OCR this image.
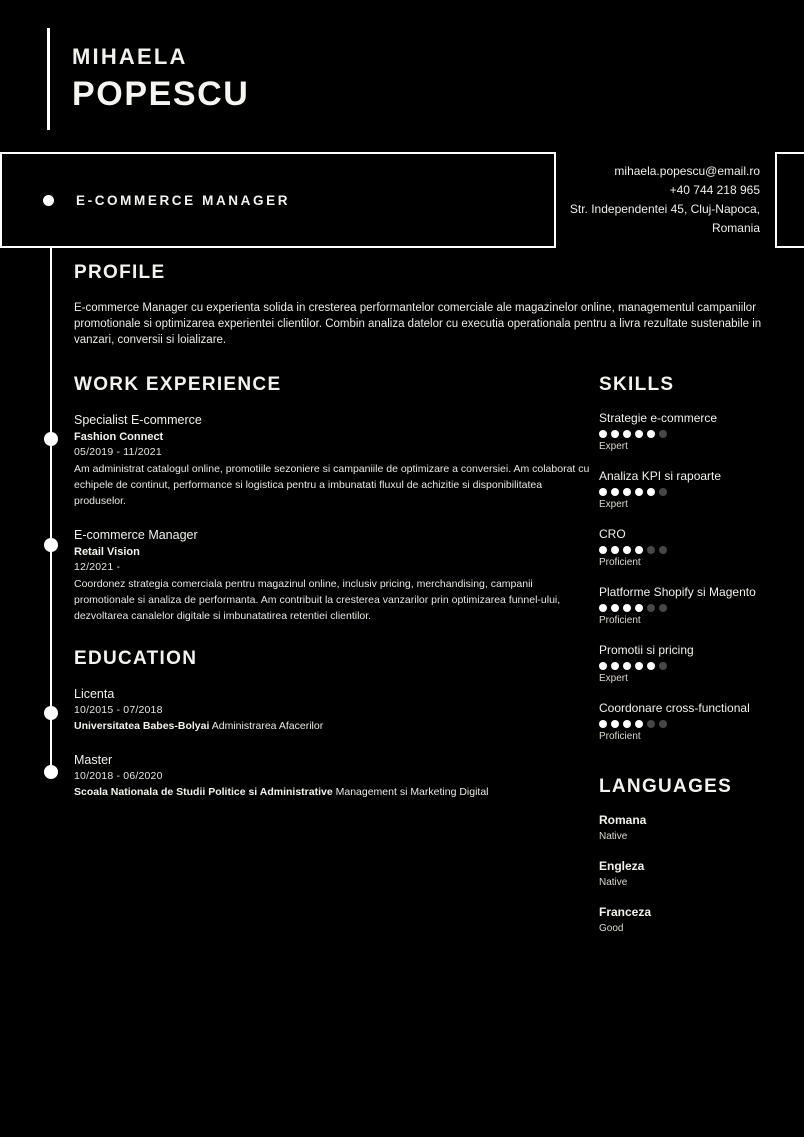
MIHAELA
POPESCU
E-COMMERCE MANAGER
mihaela.popescu@email.ro
+40 744 218 965
Str. Independentei 45, Cluj-Napoca, Romania
PROFILE

E-commerce Manager cu experienta solida in cresterea performantelor comerciale ale magazinelor online, managementul campaniilor promotionale si optimizarea experientei clientilor. Combin analiza datelor cu executia operationala pentru a livra rezultate sustenabile in vanzari, conversii si loializare.

WORK EXPERIENCE
Specialist E-commerce
Fashion Connect
05/2019 - 11/2021
Am administrat catalogul online, promotiile sezoniere si campaniile de optimizare a conversiei. Am colaborat cu echipele de continut, performance si logistica pentru a imbunatati fluxul de achizitie si disponibilitatea produselor.
E-commerce Manager
Retail Vision
12/2021 -
Coordonez strategia comerciala pentru magazinul online, inclusiv pricing, merchandising, campanii promotionale si analiza de performanta. Am contribuit la cresterea vanzarilor prin optimizarea funnel-ului, dezvoltarea canalelor digitale si imbunatatirea retentiei clientilor.
EDUCATION
Licenta
10/2015 - 07/2018
Universitatea Babes-Bolyai Administrarea Afacerilor
Master
10/2018 - 06/2020
Scoala Nationala de Studii Politice si Administrative Management si Marketing Digital
SKILLS
Strategie e-commerce
Expert
Analiza KPI si rapoarte
Expert
CRO
Proficient
Platforme Shopify si Magento
Proficient
Promotii si pricing
Expert
Coordonare cross-functional
Proficient
LANGUAGES
Romana
Native
Engleza
Native
Franceza
Good
